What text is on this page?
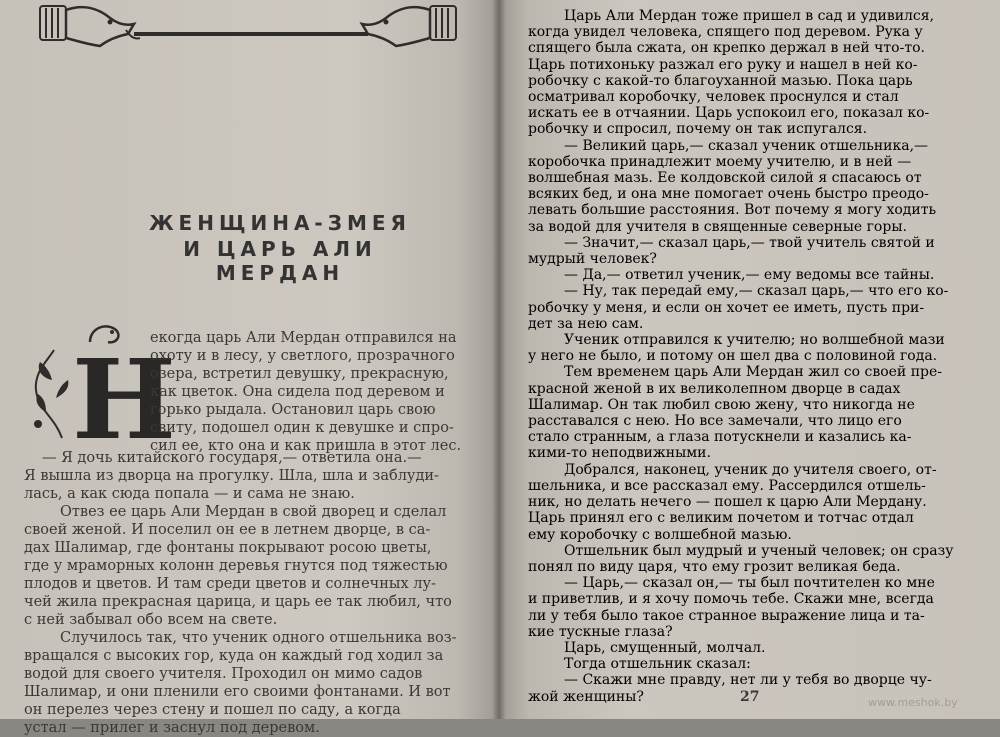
ЖЕНЩИНА-ЗМЕЯ
И ЦАРЬ АЛИ МЕРДАН
Н
екогда царь Али Мердан отправился на
охоту и в лесу, у светлого, прозрачного
озера, встретил девушку, прекрасную,
как цветок. Она сидела под деревом и
горько рыдала. Остановил царь свою
свиту, подошел один к девушке и спро-
сил ее, кто она и как пришла в этот лес.
— Я дочь китайского государя,— ответила она.—
Я вышла из дворца на прогулку. Шла, шла и заблуди-
лась, а как сюда попала — и сама не знаю.
Отвез ее царь Али Мердан в свой дворец и сделал
своей женой. И поселил он ее в летнем дворце, в са-
дах Шалимар, где фонтаны покрывают росою цветы,
где у мраморных колонн деревья гнутся под тяжестью
плодов и цветов. И там среди цветов и солнечных лу-
чей жила прекрасная царица, и царь ее так любил, что
с ней забывал обо всем на свете.
Случилось так, что ученик одного отшельника воз-
вращался с высоких гор, куда он каждый год ходил за
водой для своего учителя. Проходил он мимо садов
Шалимар, и они пленили его своими фонтанами. И вот
он перелез через стену и пошел по саду, а когда
устал — прилег и заснул под деревом.
Царь Али Мердан тоже пришел в сад и удивился,
когда увидел человека, спящего под деревом. Рука у
спящего была сжата, он крепко держал в ней что-то.
Царь потихоньку разжал его руку и нашел в ней ко-
робочку с какой-то благоуханной мазью. Пока царь
осматривал коробочку, человек проснулся и стал
искать ее в отчаянии. Царь успокоил его, показал ко-
робочку и спросил, почему он так испугался.
— Великий царь,— сказал ученик отшельника,—
коробочка принадлежит моему учителю, и в ней —
волшебная мазь. Ее колдовской силой я спасаюсь от
всяких бед, и она мне помогает очень быстро преодо-
левать большие расстояния. Вот почему я могу ходить
за водой для учителя в священные северные горы.
— Значит,— сказал царь,— твой учитель святой и
мудрый человек?
— Да,— ответил ученик,— ему ведомы все тайны.
— Ну, так передай ему,— сказал царь,— что его ко-
робочку у меня, и если он хочет ее иметь, пусть при-
дет за нею сам.
Ученик отправился к учителю; но волшебной мази
у него не было, и потому он шел два с половиной года.
Тем временем царь Али Мердан жил со своей пре-
красной женой в их великолепном дворце в садах
Шалимар. Он так любил свою жену, что никогда не
расставался с нею. Но все замечали, что лицо его
стало странным, а глаза потускнели и казались ка-
кими-то неподвижными.
Добрался, наконец, ученик до учителя своего, от-
шельника, и все рассказал ему. Рассердился отшель-
ник, но делать нечего — пошел к царю Али Мердану.
Царь принял его с великим почетом и тотчас отдал
ему коробочку с волшебной мазью.
Отшельник был мудрый и ученый человек; он сразу
понял по виду царя, что ему грозит великая беда.
— Царь,— сказал он,— ты был почтителен ко мне
и приветлив, и я хочу помочь тебе. Скажи мне, всегда
ли у тебя было такое странное выражение лица и та-
кие тускные глаза?
Царь, смущенный, молчал.
Тогда отшельник сказал:
— Скажи мне правду, нет ли у тебя во дворце чу-
жой женщины?	27	www.meshok.by
